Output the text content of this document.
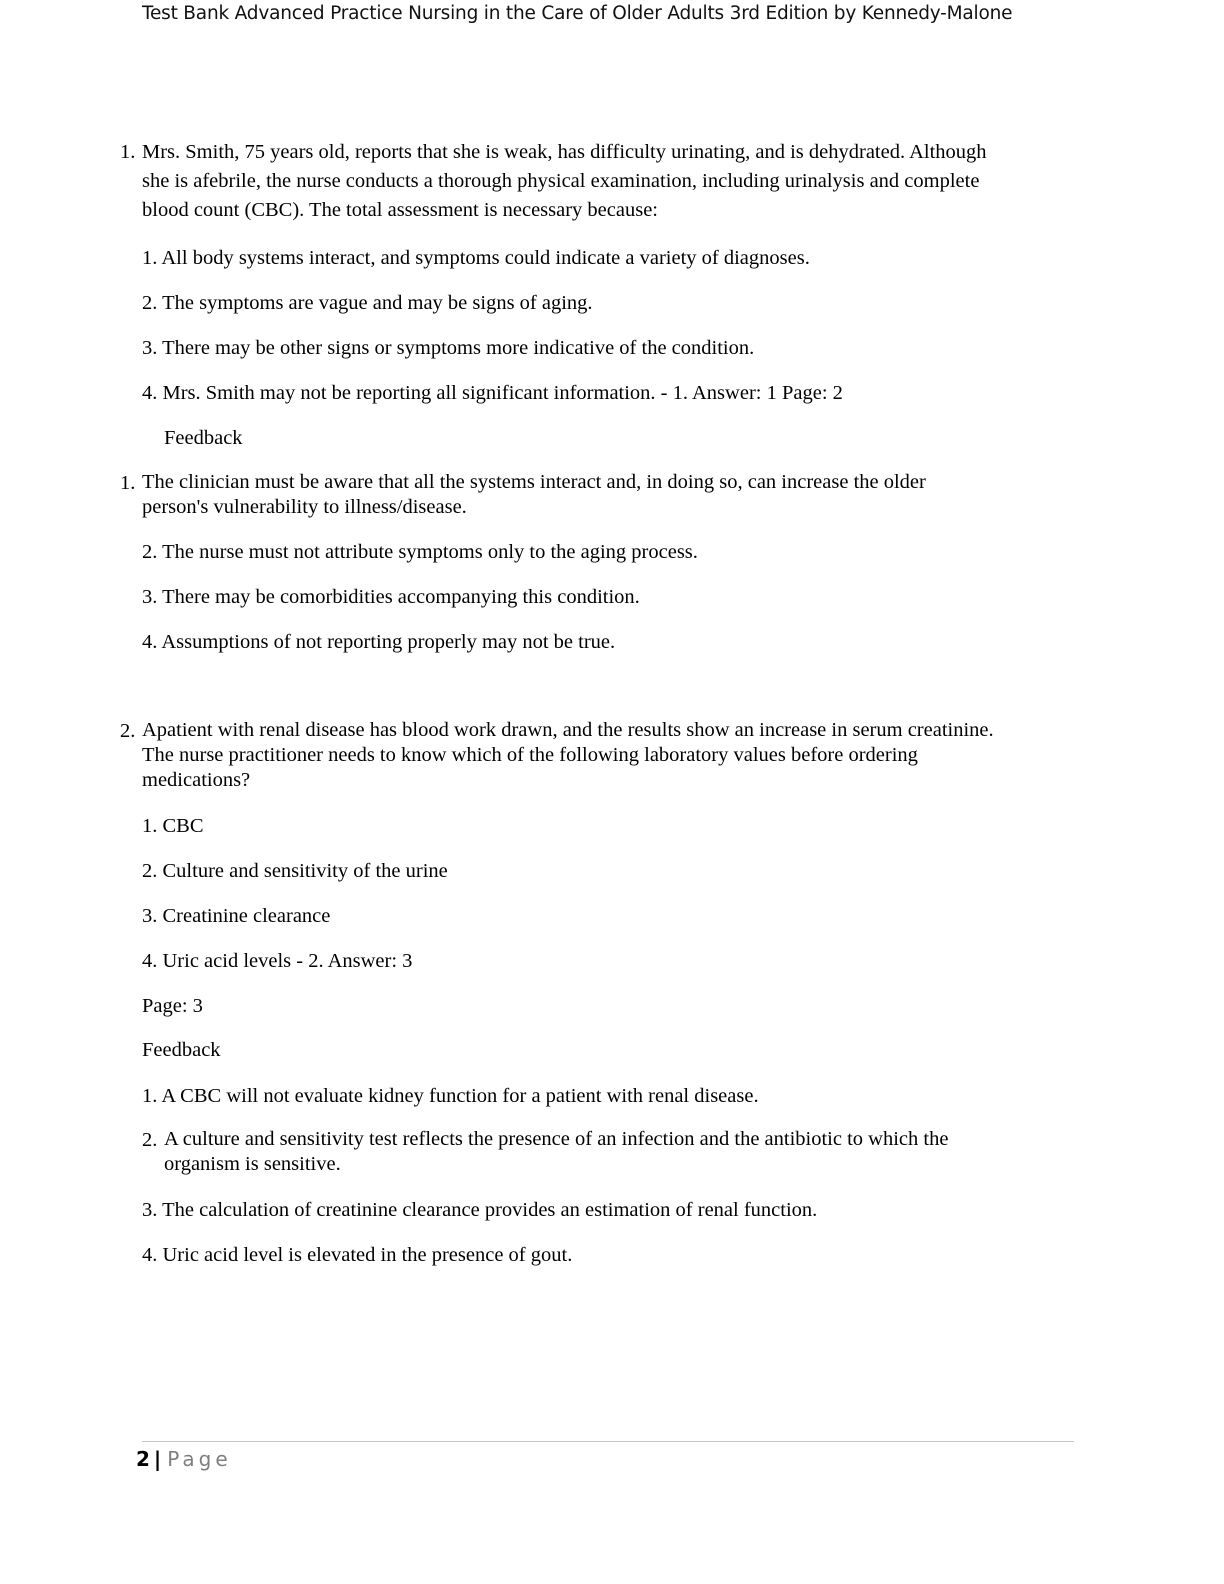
Test Bank Advanced Practice Nursing in the Care of Older Adults 3rd Edition by Kennedy-Malone
1. Mrs. Smith, 75 years old, reports that she is weak, has difficulty urinating, and is dehydrated. Although
she is afebrile, the nurse conducts a thorough physical examination, including urinalysis and complete
blood count (CBC). The total assessment is necessary because:
1. All body systems interact, and symptoms could indicate a variety of diagnoses.
2. The symptoms are vague and may be signs of aging.
3. There may be other signs or symptoms more indicative of the condition.
4. Mrs. Smith may not be reporting all significant information. - 1. Answer: 1 Page: 2
Feedback
1. The clinician must be aware that all the systems interact and, in doing so, can increase the older
person's vulnerability to illness/disease.
2. The nurse must not attribute symptoms only to the aging process.
3. There may be comorbidities accompanying this condition.
4. Assumptions of not reporting properly may not be true.
2. Apatient with renal disease has blood work drawn, and the results show an increase in serum creatinine.
The nurse practitioner needs to know which of the following laboratory values before ordering
medications?
1. CBC
2. Culture and sensitivity of the urine
3. Creatinine clearance
4. Uric acid levels - 2. Answer: 3
Page: 3
Feedback
1. A CBC will not evaluate kidney function for a patient with renal disease.
2. A culture and sensitivity test reflects the presence of an infection and the antibiotic to which the
organism is sensitive.
3. The calculation of creatinine clearance provides an estimation of renal function.
4. Uric acid level is elevated in the presence of gout.
2 | Page
